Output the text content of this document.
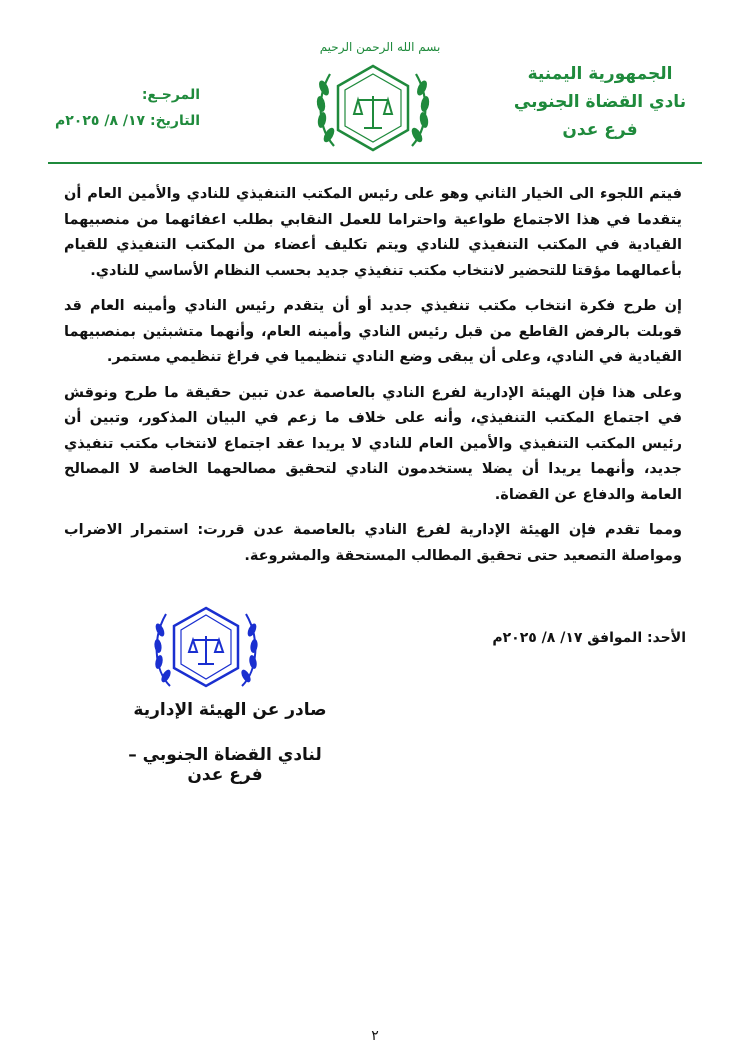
بسم الله الرحمن الرحيم
الجمهورية اليمنية
نادي القضاة الجنوبي
فرع عدن
المرجـع:
التاريخ: ١٧/ ٨/ ٢٠٢٥م

فيتم اللجوء الى الخيار الثاني وهو على رئيس المكتب التنفيذي للنادي والأمين العام أن يتقدما في هذا الاجتماع طواعية واحتراما للعمل النقابي بطلب اعفائهما من منصبيهما القيادية في المكتب التنفيذي للنادي ويتم تكليف أعضاء من المكتب التنفيذي للقيام بأعمالهما مؤقتا للتحضير لانتخاب مكتب تنفيذي جديد بحسب النظام الأساسي للنادي.

إن طرح فكرة انتخاب مكتب تنفيذي جديد أو أن يتقدم رئيس النادي وأمينه العام قد قوبلت بالرفض القاطع من قبل رئيس النادي وأمينه العام، وأنهما متشبثين بمنصبيهما القيادية في النادي، وعلى أن يبقى وضع النادي تنظيميا في فراغ تنظيمي مستمر.

وعلى هذا فإن الهيئة الإدارية لفرع النادي بالعاصمة عدن تبين حقيقة ما طرح ونوقش في اجتماع المكتب التنفيذي، وأنه على خلاف ما زعم في البيان المذكور، وتبين أن رئيس المكتب التنفيذي والأمين العام للنادي لا يريدا عقد اجتماع لانتخاب مكتب تنفيذي جديد، وأنهما يريدا أن يضلا يستخدمون النادي لتحقيق مصالحهما الخاصة لا المصالح العامة والدفاع عن القضاة.

ومما تقدم فإن الهيئة الإدارية لفرع النادي بالعاصمة عدن قررت: استمرار الاضراب ومواصلة التصعيد حتى تحقيق المطالب المستحقة والمشروعة.

الأحد: الموافق ١٧/ ٨/ ٢٠٢٥م
صادر عن الهيئة الإدارية
لنادي القضاة الجنوبي – فرع عدن
٢
